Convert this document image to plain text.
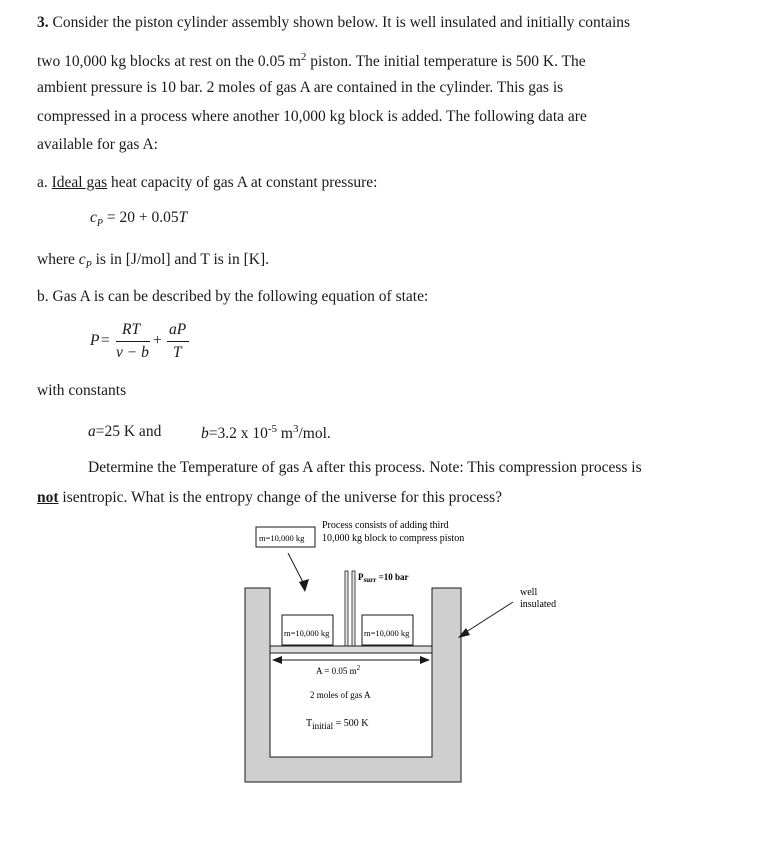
3. Consider the piston cylinder assembly shown below. It is well insulated and initially contains
two 10,000 kg blocks at rest on the 0.05 $m^2$ piston. The initial temperature is 500 K. The
ambient pressure is 10 bar. 2 moles of gas A are contained in the cylinder. This gas is
compressed in a process where another 10,000 kg block is added. The following data are
available for gas A:
a. Ideal gas heat capacity of gas A at constant pressure:
$c_P = 20 + 0.05T$
where $c_P$ is in [J/mol] and T is in [K].
b. Gas A is can be described by the following equation of state:
P =
RT
v − b
+
aP
T
with constants
a=25 K and	b=3.2 x $10^{-5}$ $m^3$/mol.
Determine the Temperature of gas A after this process. Note: This compression process is
not isentropic. What is the entropy change of the universe for this process?
Process consists of adding third
10,000 kg block to compress piston
m=10,000 kg
$P_{surr} =10$ bar
m=10,000 kg	m=10,000 kg
A = 0.05 $m^2$
2 moles of gas A
Tinitial = 500 K
well
insulated
